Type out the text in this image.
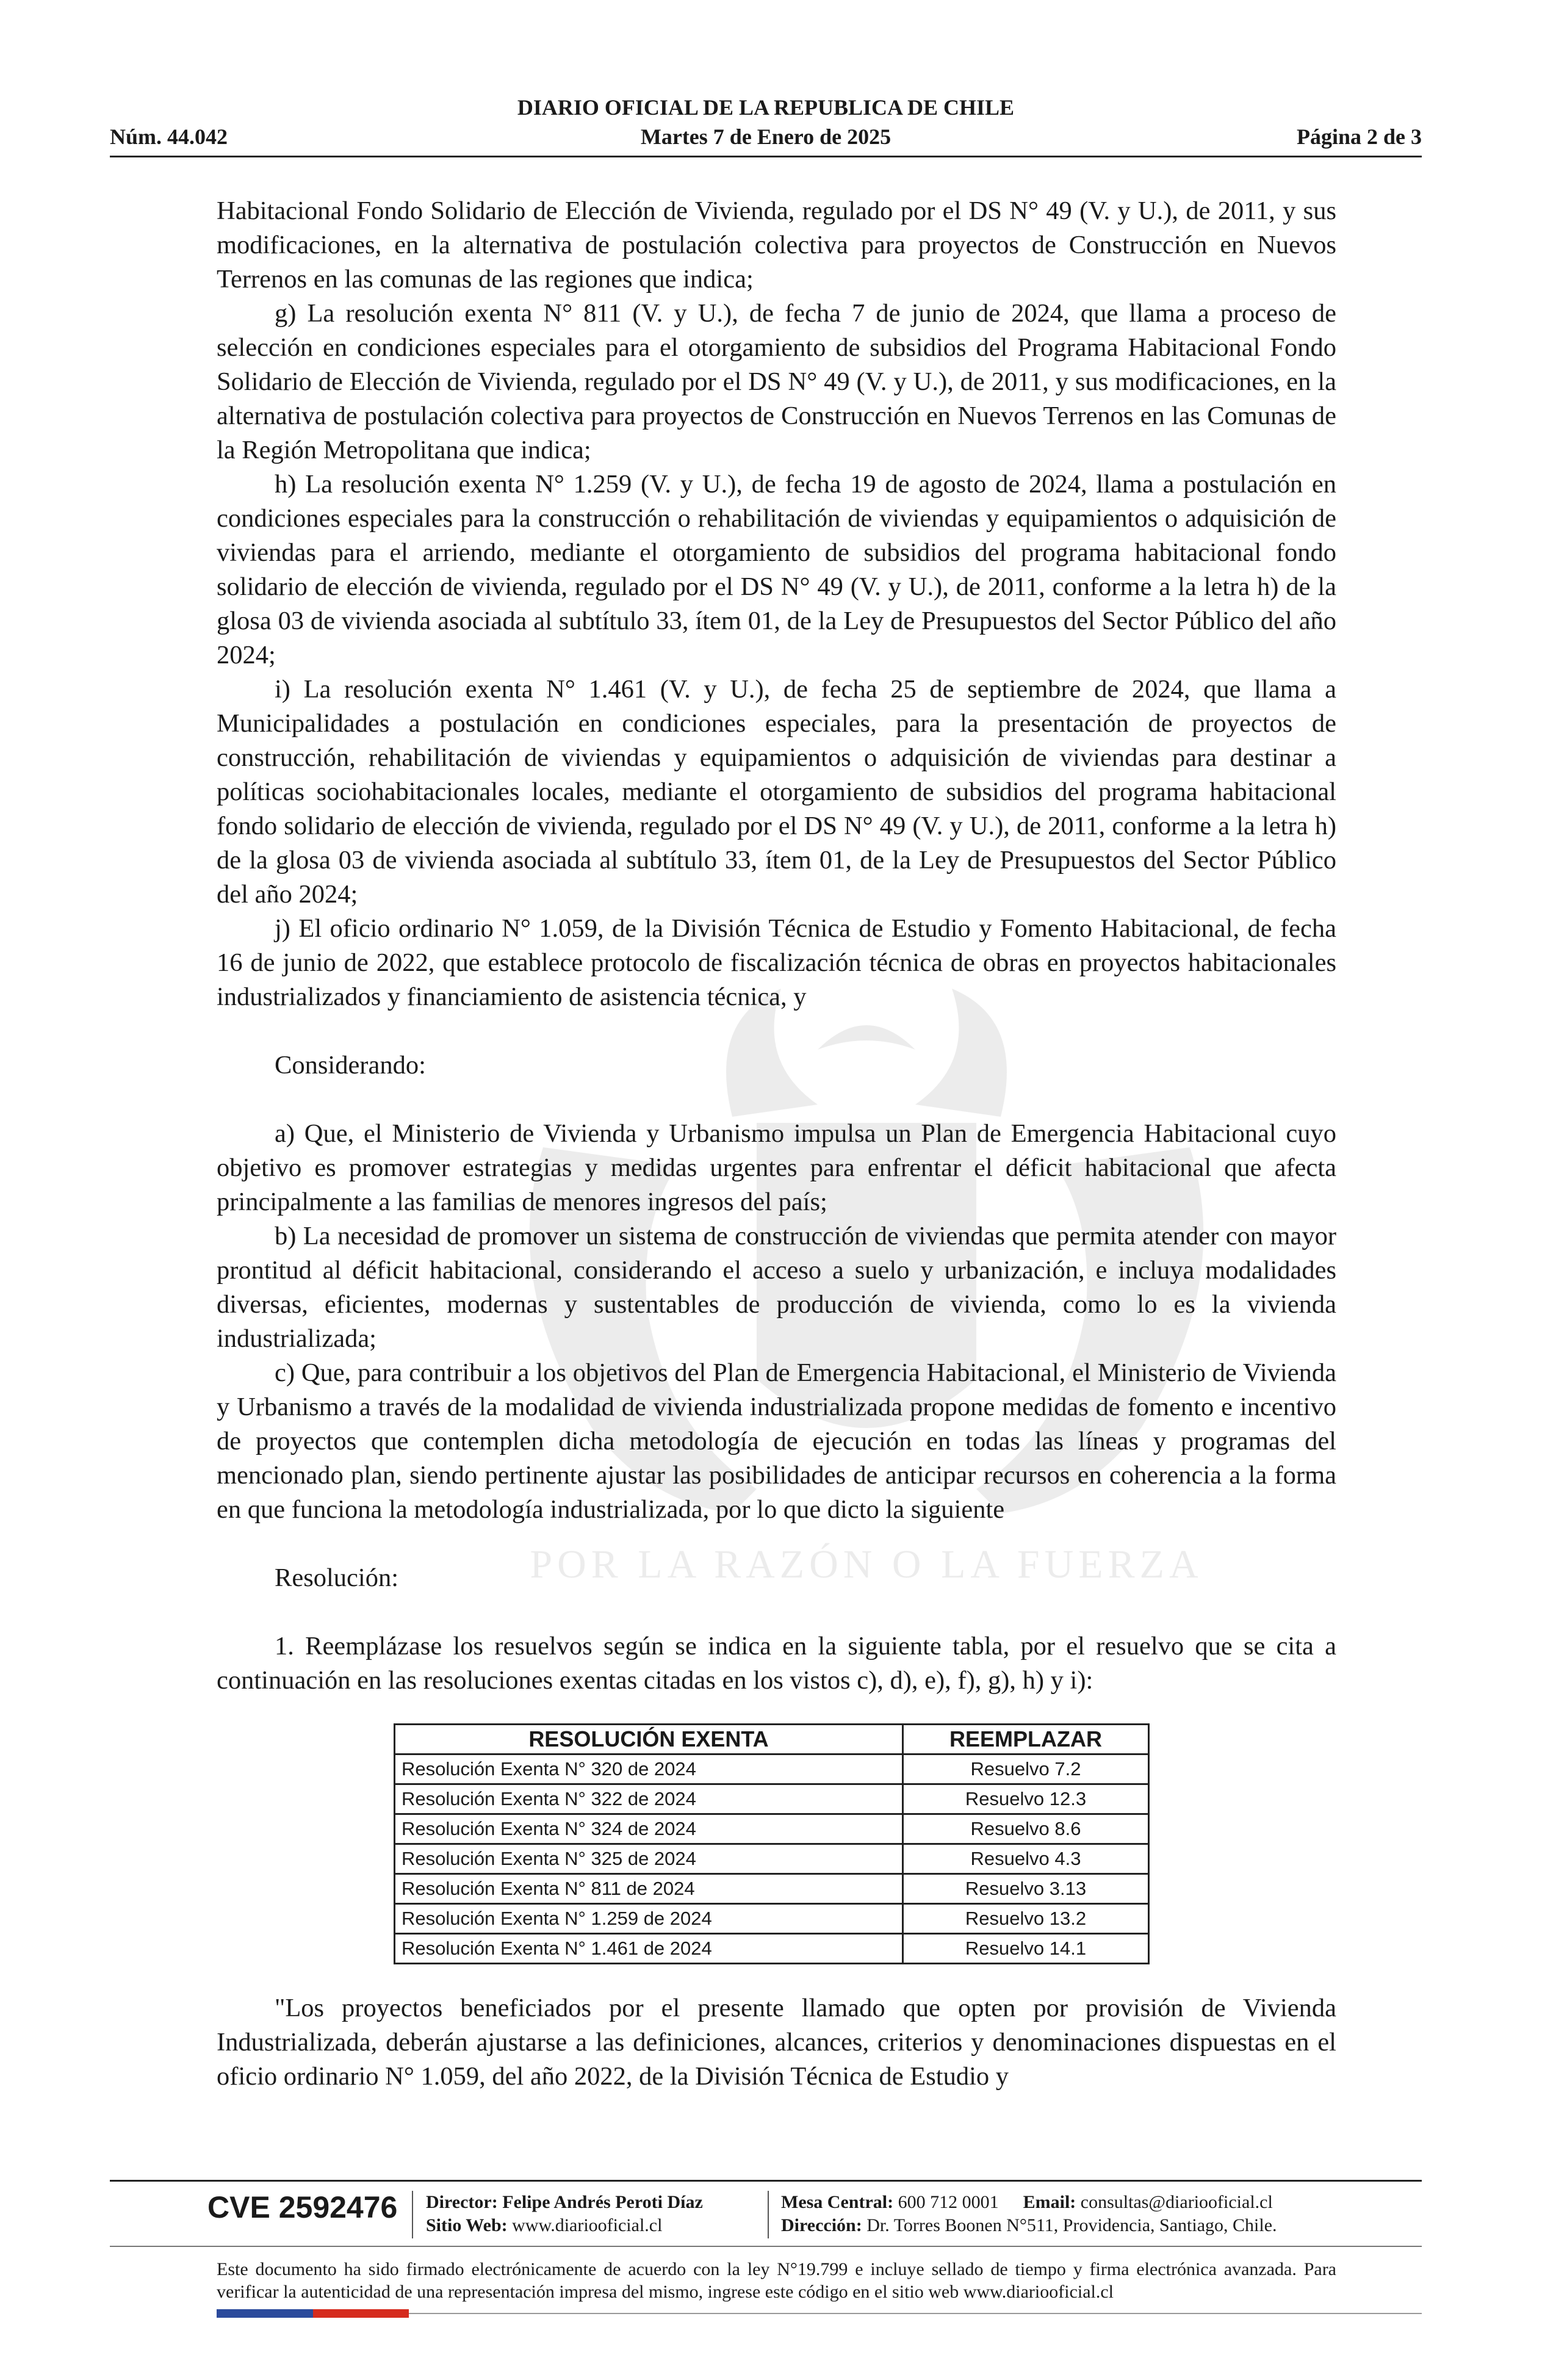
POR LA RAZÓN O LA FUERZA
DIARIO OFICIAL DE LA REPUBLICA DE CHILE
Núm. 44.042	Martes 7 de Enero de 2025	Página 2 de 3

Habitacional Fondo Solidario de Elección de Vivienda, regulado por el DS N° 49 (V. y U.), de 2011, y sus modificaciones, en la alternativa de postulación colectiva para proyectos de Construcción en Nuevos Terrenos en las comunas de las regiones que indica;

g) La resolución exenta N° 811 (V. y U.), de fecha 7 de junio de 2024, que llama a proceso de selección en condiciones especiales para el otorgamiento de subsidios del Programa Habitacional Fondo Solidario de Elección de Vivienda, regulado por el DS N° 49 (V. y U.), de 2011, y sus modificaciones, en la alternativa de postulación colectiva para proyectos de Construcción en Nuevos Terrenos en las Comunas de la Región Metropolitana que indica;

h) La resolución exenta N° 1.259 (V. y U.), de fecha 19 de agosto de 2024, llama a postulación en condiciones especiales para la construcción o rehabilitación de viviendas y equipamientos o adquisición de viviendas para el arriendo, mediante el otorgamiento de subsidios del programa habitacional fondo solidario de elección de vivienda, regulado por el DS N° 49 (V. y U.), de 2011, conforme a la letra h) de la glosa 03 de vivienda asociada al subtítulo 33, ítem 01, de la Ley de Presupuestos del Sector Público del año 2024;

i) La resolución exenta N° 1.461 (V. y U.), de fecha 25 de septiembre de 2024, que llama a Municipalidades a postulación en condiciones especiales, para la presentación de proyectos de construcción, rehabilitación de viviendas y equipamientos o adquisición de viviendas para destinar a políticas sociohabitacionales locales, mediante el otorgamiento de subsidios del programa habitacional fondo solidario de elección de vivienda, regulado por el DS N° 49 (V. y U.), de 2011, conforme a la letra h) de la glosa 03 de vivienda asociada al subtítulo 33, ítem 01, de la Ley de Presupuestos del Sector Público del año 2024;

j) El oficio ordinario N° 1.059, de la División Técnica de Estudio y Fomento Habitacional, de fecha 16 de junio de 2022, que establece protocolo de fiscalización técnica de obras en proyectos habitacionales industrializados y financiamiento de asistencia técnica, y

Considerando:

a) Que, el Ministerio de Vivienda y Urbanismo impulsa un Plan de Emergencia Habitacional cuyo objetivo es promover estrategias y medidas urgentes para enfrentar el déficit habitacional que afecta principalmente a las familias de menores ingresos del país;

b) La necesidad de promover un sistema de construcción de viviendas que permita atender con mayor prontitud al déficit habitacional, considerando el acceso a suelo y urbanización, e incluya modalidades diversas, eficientes, modernas y sustentables de producción de vivienda, como lo es la vivienda industrializada;

c) Que, para contribuir a los objetivos del Plan de Emergencia Habitacional, el Ministerio de Vivienda y Urbanismo a través de la modalidad de vivienda industrializada propone medidas de fomento e incentivo de proyectos que contemplen dicha metodología de ejecución en todas las líneas y programas del mencionado plan, siendo pertinente ajustar las posibilidades de anticipar recursos en coherencia a la forma en que funciona la metodología industrializada, por lo que dicto la siguiente

Resolución:

1. Reemplázase los resuelvos según se indica en la siguiente tabla, por el resuelvo que se cita a continuación en las resoluciones exentas citadas en los vistos c), d), e), f), g), h) y i):

RESOLUCIÓN EXENTA	REEMPLAZAR
Resolución Exenta N° 320 de 2024	Resuelvo 7.2
Resolución Exenta N° 322 de 2024	Resuelvo 12.3
Resolución Exenta N° 324 de 2024	Resuelvo 8.6
Resolución Exenta N° 325 de 2024	Resuelvo 4.3
Resolución Exenta N° 811 de 2024	Resuelvo 3.13
Resolución Exenta N° 1.259 de 2024	Resuelvo 13.2
Resolución Exenta N° 1.461 de 2024	Resuelvo 14.1

"Los proyectos beneficiados por el presente llamado que opten por provisión de Vivienda Industrializada, deberán ajustarse a las definiciones, alcances, criterios y denominaciones dispuestas en el oficio ordinario N° 1.059, del año 2022, de la División Técnica de Estudio y

CVE 2592476 Director: Felipe Andrés Peroti Díaz
Sitio Web: www.diariooficial.cl
Mesa Central: 600 712 0001 Email: consultas@diariooficial.cl
Dirección: Dr. Torres Boonen N°511, Providencia, Santiago, Chile.
Este documento ha sido firmado electrónicamente de acuerdo con la ley N°19.799 e incluye sellado de tiempo y firma electrónica avanzada. Para verificar la autenticidad de una representación impresa del mismo, ingrese este código en el sitio web www.diariooficial.cl
